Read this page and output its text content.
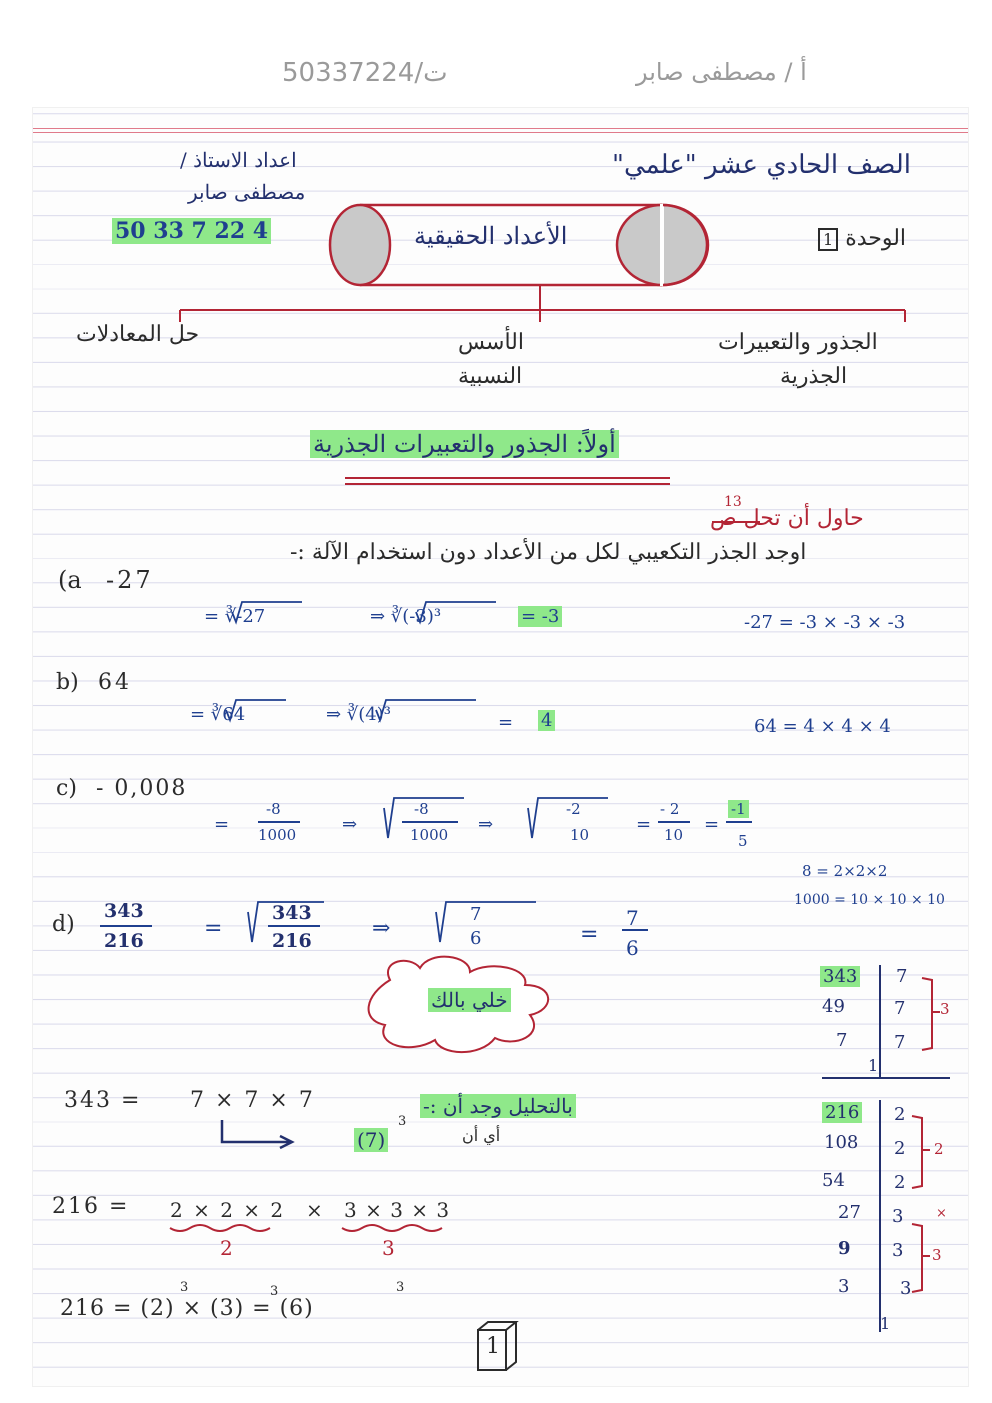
50337224/ت	أ / مصطفى صابر
اعداد الاستاذ /
مصطفى صابر
50 33 7 22 4
الصف الحادي عشر "علمي"
الوحدة 1
الأعداد الحقيقية
الجذور والتعبيرات
الجذرية
الأسس
النسبية
حل المعادلات
أولاً: الجذور والتعبيرات الجذرية
حاول أن تحل ص
13
اوجد الجذر التكعيبي لكل من الأعداد دون استخدام الآلة :-
(a -27
= ∛-27	⇒ ∛(-3)³	= -3	-27 = -3 × -3 × -3
b) 64
= ∛64	⇒ ∛(4)³	= 4	64 = 4 × 4 × 4
c) - 0,008
=
-8
1000	⇒
-8
1000 ⇒
-2
10	=
- 2
10 =
-1
5
8 = 2×2×2
1000 = 10 × 10 × 10
d)
343
216	=
343
216	⇒
7
6	=
7
6
خلي بالك
بالتحليل وجد أن :-
أي أن
343 = 7 × 7 × 7
(7)
3
216 = 2 × 2 × 2 × 3 × 3 × 3
2	3
216 = (2) × (3) = (6)
3	3	3
343 7
49	7
7	7
1
216 2
108 2
54	2
27 3
9 3
3	3
1
3
2
3
×
1
